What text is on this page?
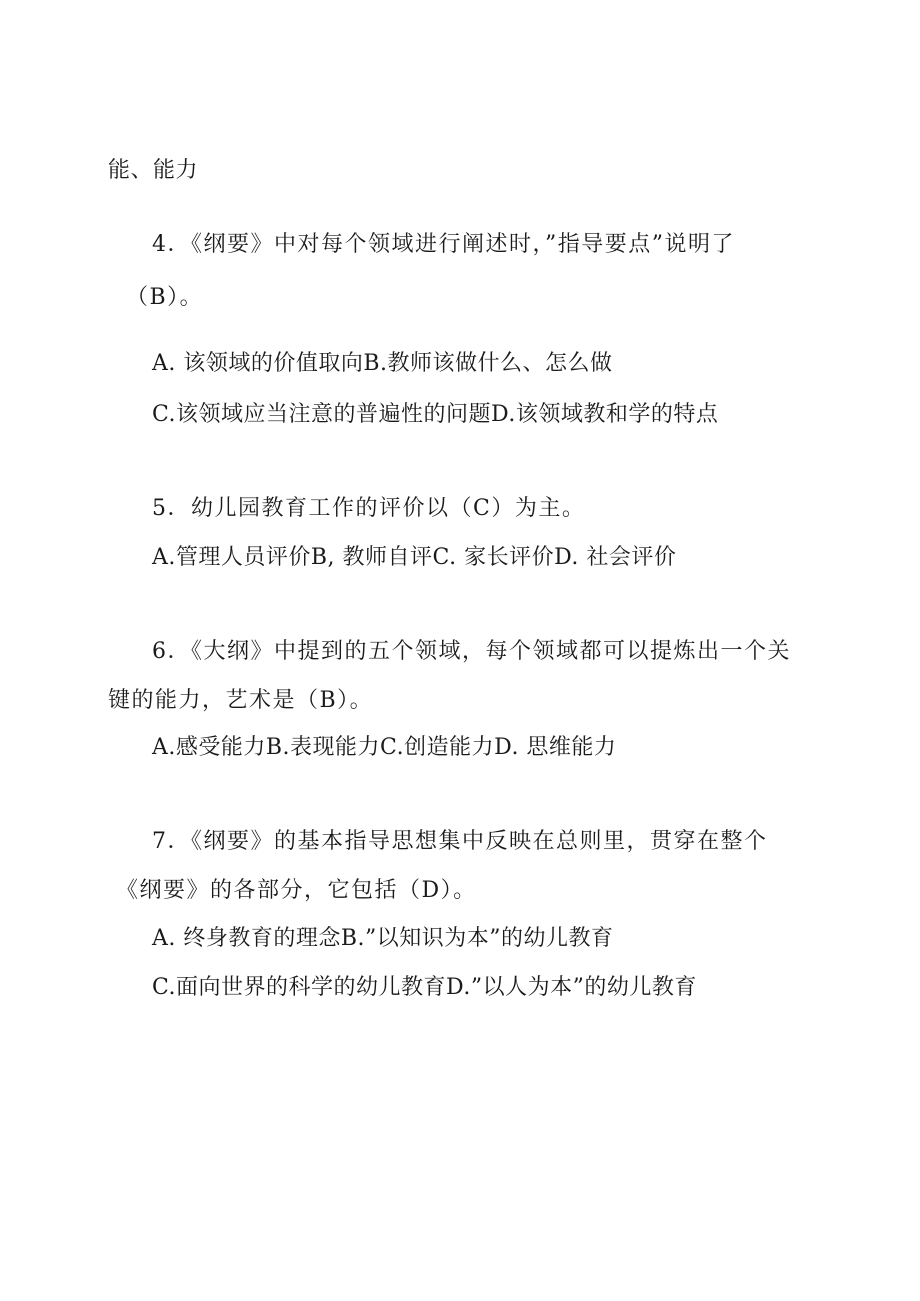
能、能力
4．《纲要》中对每个领域进行阐述时，”指导要点”说明了
（B）。
A. 该领域的价值取向B.教师该做什么、怎么做
C.该领域应当注意的普遍性的问题D.该领域教和学的特点
5．幼儿园教育工作的评价以（C）为主。
A.管理人员评价B, 教师自评C. 家长评价D. 社会评价
6．《大纲》中提到的五个领域，每个领域都可以提炼出一个关
键的能力，艺术是（B）。
A.感受能力B.表现能力C.创造能力D. 思维能力
7．《纲要》的基本指导思想集中反映在总则里，贯穿在整个
《纲要》的各部分，它包括（D）。
A. 终身教育的理念B.”以知识为本”的幼儿教育
C.面向世界的科学的幼儿教育D.”以人为本”的幼儿教育
